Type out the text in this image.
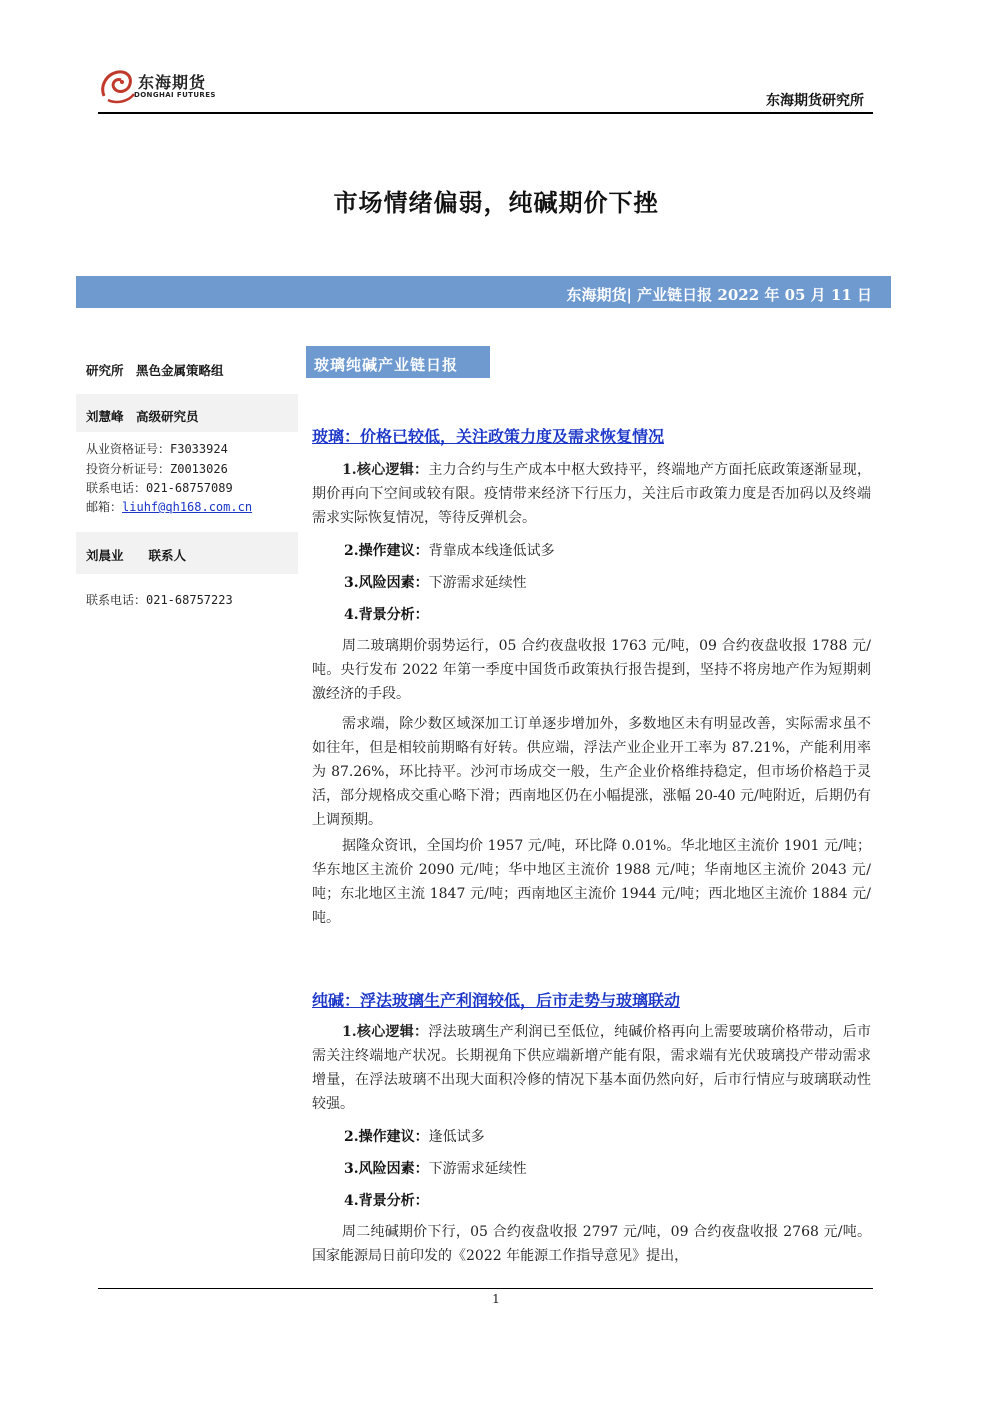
东海期货
DONGHAI FUTURES	东海期货研究所
市场情绪偏弱，纯碱期价下挫
东海期货| 产业链日报 2022 年 05 月 11 日
研究所　黑色金属策略组
刘慧峰　高级研究员
从业资格证号：F3033924
投资分析证号：Z0013026
联系电话：021-68757089
邮箱：liuhf@qh168.com.cn
刘晨业　　联系人
联系电话：021-68757223
玻璃纯碱产业链日报
玻璃：价格已较低，关注政策力度及需求恢复情况
1.核心逻辑：主力合约与生产成本中枢大致持平，终端地产方面托底政策逐渐显现，期价再向下空间或较有限。疫情带来经济下行压力，关注后市政策力度是否加码以及终端需求实际恢复情况，等待反弹机会。
2.操作建议：背靠成本线逢低试多
3.风险因素：下游需求延续性
4.背景分析：
周二玻璃期价弱势运行，05 合约夜盘收报 1763 元/吨，09 合约夜盘收报 1788 元/吨。央行发布 2022 年第一季度中国货币政策执行报告提到，坚持不将房地产作为短期刺激经济的手段。
需求端，除少数区域深加工订单逐步增加外，多数地区未有明显改善，实际需求虽不如往年，但是相较前期略有好转。供应端，浮法产业企业开工率为 87.21%，产能利用率为 87.26%，环比持平。沙河市场成交一般，生产企业价格维持稳定，但市场价格趋于灵活，部分规格成交重心略下滑；西南地区仍在小幅提涨，涨幅 20-40 元/吨附近，后期仍有上调预期。
据隆众资讯，全国均价 1957 元/吨，环比降 0.01%。华北地区主流价 1901 元/吨；华东地区主流价 2090 元/吨；华中地区主流价 1988 元/吨；华南地区主流价 2043 元/吨；东北地区主流 1847 元/吨；西南地区主流价 1944 元/吨；西北地区主流价 1884 元/吨。
纯碱：浮法玻璃生产利润较低，后市走势与玻璃联动
1.核心逻辑：浮法玻璃生产利润已至低位，纯碱价格再向上需要玻璃价格带动，后市需关注终端地产状况。长期视角下供应端新增产能有限，需求端有光伏玻璃投产带动需求增量，在浮法玻璃不出现大面积冷修的情况下基本面仍然向好，后市行情应与玻璃联动性较强。
2.操作建议：逢低试多
3.风险因素：下游需求延续性
4.背景分析：
周二纯碱期价下行，05 合约夜盘收报 2797 元/吨，09 合约夜盘收报 2768 元/吨。国家能源局日前印发的《2022 年能源工作指导意见》提出，
1
